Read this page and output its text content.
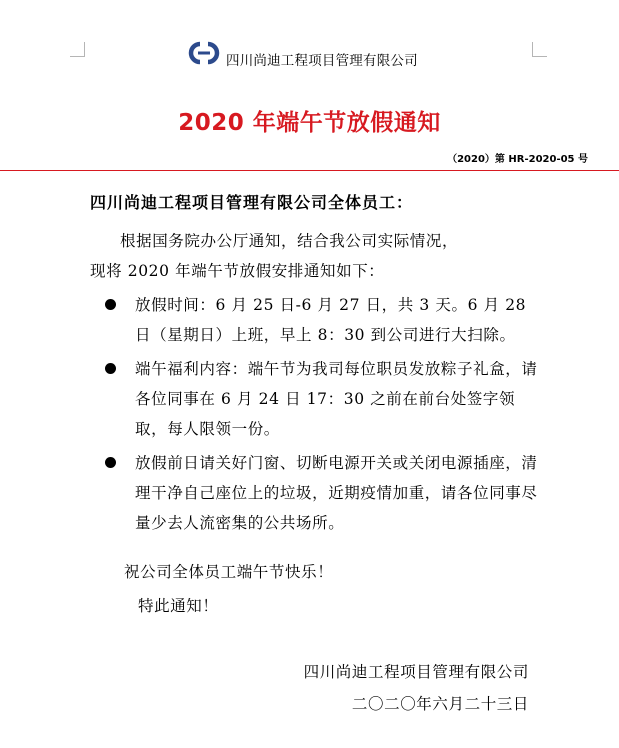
四川尚迪工程项目管理有限公司
2020 年端午节放假通知
（2020）第 HR-2020-05 号
四川尚迪工程项目管理有限公司全体员工：
根据国务院办公厅通知，结合我公司实际情况，
现将 2020 年端午节放假安排通知如下：
放假时间：6 月 25 日-6 月 27 日，共 3 天。6 月 28 日（星期日）上班，早上 8：30 到公司进行大扫除。
端午福利内容：端午节为我司每位职员发放粽子礼盒，请各位同事在 6 月 24 日 17：30 之前在前台处签字领取，每人限领一份。
放假前日请关好门窗、切断电源开关或关闭电源插座，清理干净自己座位上的垃圾，近期疫情加重，请各位同事尽量少去人流密集的公共场所。
祝公司全体员工端午节快乐！
特此通知！
四川尚迪工程项目管理有限公司
二〇二〇年六月二十三日
